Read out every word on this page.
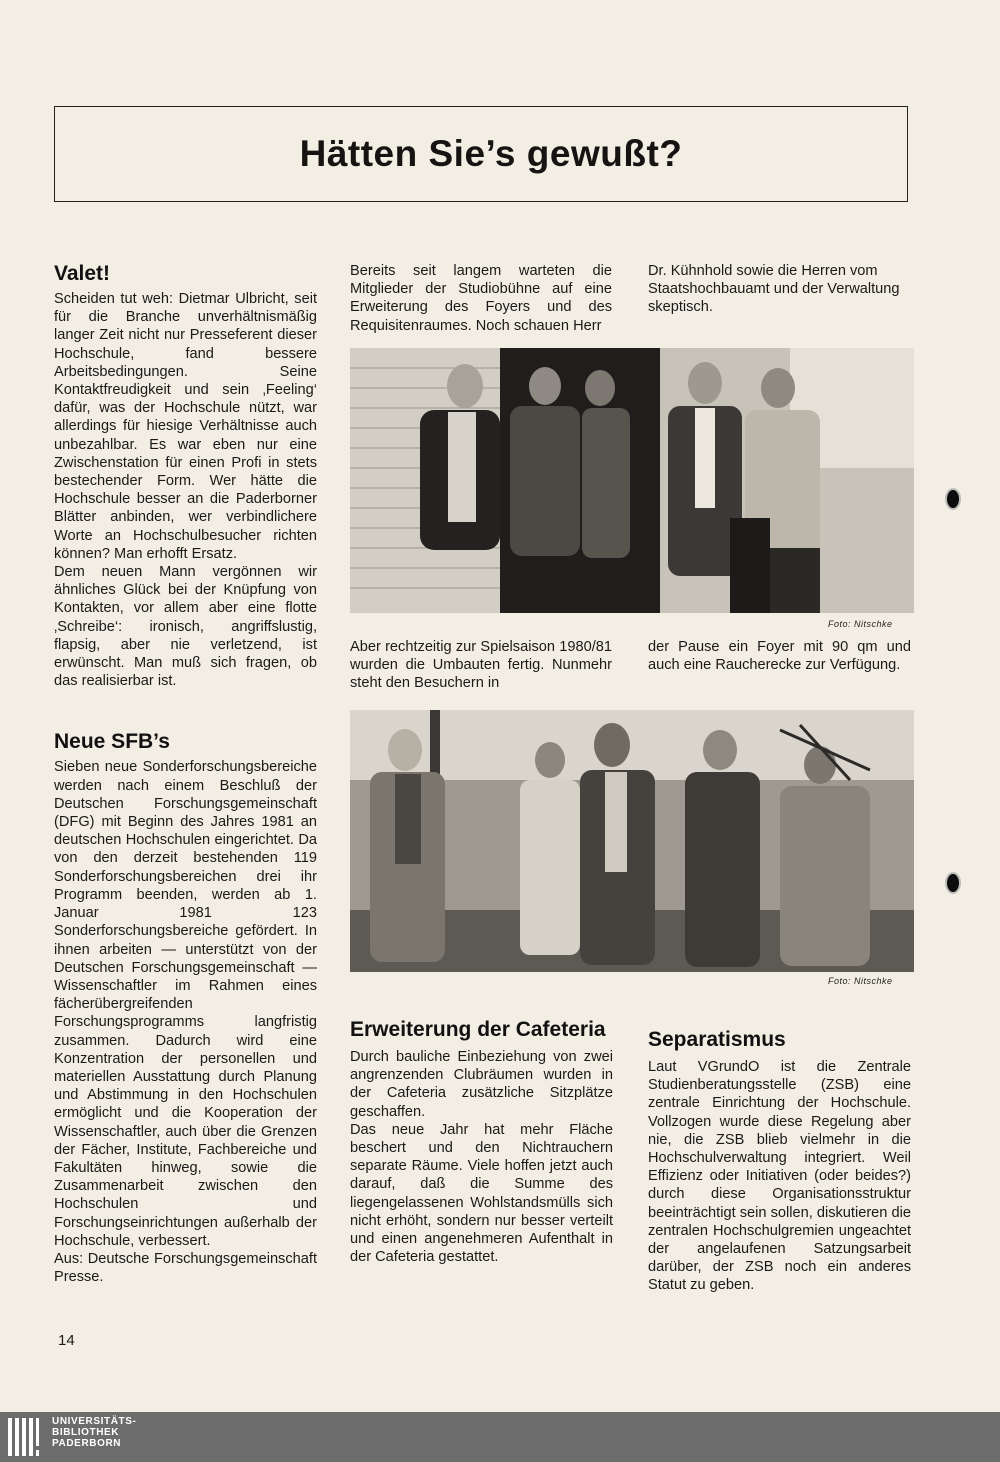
Hätten Sie’s gewußt?
Valet!

Scheiden tut weh: Dietmar Ulbricht, seit für die Branche unverhältnismäßig langer Zeit nicht nur Presseferent dieser Hochschule, fand bessere Arbeitsbedingungen. Seine Kontaktfreudigkeit und sein ‚Feeling‘ dafür, was der Hochschule nützt, war allerdings für hiesige Verhältnisse auch unbezahlbar. Es war eben nur eine Zwischenstation für einen Profi in stets bestechender Form. Wer hätte die Hochschule besser an die Paderborner Blätter anbinden, wer verbindlichere Worte an Hochschulbesucher richten können? Man erhofft Ersatz.

Dem neuen Mann vergönnen wir ähnliches Glück bei der Knüpfung von Kontakten, vor allem aber eine flotte ‚Schreibe‘: ironisch, angriffslustig, flapsig, aber nie verletzend, ist erwünscht. Man muß sich fragen, ob das realisierbar ist.

Neue SFB’s

Sieben neue Sonderforschungsbereiche werden nach einem Beschluß der Deutschen Forschungsgemeinschaft (DFG) mit Beginn des Jahres 1981 an deutschen Hochschulen eingerichtet. Da von den derzeit bestehenden 119 Sonderforschungsbereichen drei ihr Programm beenden, werden ab 1. Januar 1981 123 Sonderforschungsbereiche gefördert. In ihnen arbeiten — unterstützt von der Deutschen Forschungsgemeinschaft — Wissenschaftler im Rahmen eines fächerübergreifenden Forschungsprogramms langfristig zusammen. Dadurch wird eine Konzentration der personellen und materiellen Ausstattung durch Planung und Abstimmung in den Hochschulen ermöglicht und die Kooperation der Wissenschaftler, auch über die Grenzen der Fächer, Institute, Fachbereiche und Fakultäten hinweg, sowie die Zusammenarbeit zwischen den Hochschulen und Forschungseinrichtungen außerhalb der Hochschule, verbessert.

Aus: Deutsche Forschungsgemeinschaft Presse.

Bereits seit langem warteten die Mitglieder der Studiobühne auf eine Erweiterung des Foyers und des Requisitenraumes. Noch schauen Herr

Dr. Kühnhold sowie die Herren vom Staatshochbauamt und der Verwaltung skeptisch.

Foto: Nitschke

Aber rechtzeitig zur Spielsaison 1980/81 wurden die Umbauten fertig. Nunmehr steht den Besuchern in

der Pause ein Foyer mit 90 qm und auch eine Raucherecke zur Verfügung.

Foto: Nitschke
Erweiterung der Cafeteria

Durch bauliche Einbeziehung von zwei angrenzenden Clubräumen wurden in der Cafeteria zusätzliche Sitzplätze geschaffen.

Das neue Jahr hat mehr Fläche beschert und den Nichtrauchern separate Räume. Viele hoffen jetzt auch darauf, daß die Summe des liegengelassenen Wohlstandsmülls sich nicht erhöht, sondern nur besser verteilt und einen angenehmeren Aufenthalt in der Cafeteria gestattet.

Separatismus

Laut VGrundO ist die Zentrale Studienberatungsstelle (ZSB) eine zentrale Einrichtung der Hochschule. Vollzogen wurde diese Regelung aber nie, die ZSB blieb vielmehr in die Hochschulverwaltung integriert. Weil Effizienz oder Initiativen (oder beides?) durch diese Organisationsstruktur beeinträchtigt sein sollen, diskutieren die zentralen Hochschulgremien ungeachtet der angelaufenen Satzungsarbeit darüber, der ZSB noch ein anderes Statut zu geben.

14
UNIVERSITÄTS-
BIBLIOTHEK
PADERBORN
